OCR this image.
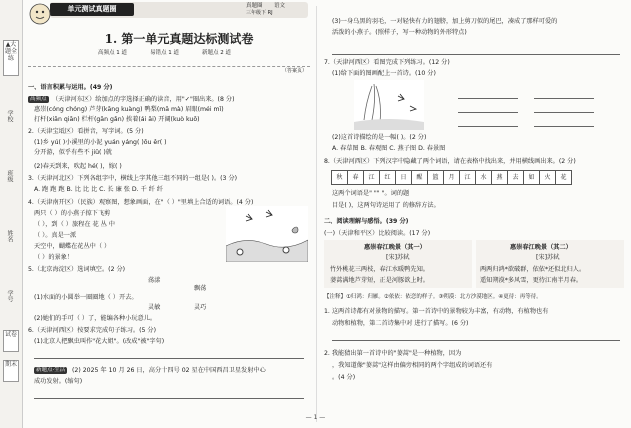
▲大题全练
学校
班级
姓名
学号
试卷
期末
单元测试真题圈	真题圈 语文
三年级下 RJ
1. 第一单元真题达标测试卷
高频点 1 道	易错点 1 道	新题点 2 道
（答案页）
一、语言积累与运用。(49 分)
高频点 （天津河东区）给加点的字选择正确的读音，用"✓"圈出来。(8 分)
惠崇(cóng chóng) 芦芽(kāng kuàng) 鸭梨(mā mà) 眉眼(méi mǐ)
打杆(xiān qiān) 栏杆(gān gǎn) 挨着(ái āi) 开阔(kuò kuō)
2.（天津宝坻区）看拼音，写字词。(5 分)
(1)乡 yú( )小溪里的小泥 yuán yáng( )ōu ěr( )
分开游，似乎有些不 jiǔ( )就
(2)春天到来，吹起 hé( )，嫁( )
3.（天津河北区）下列各组字中，横线上字其他三组不同的一组是( )。(3 分)
A. 跑 跑 跑 B. 比 比 比 C. 长 廉 张 D. 千 纤 纤
4.（天津南开区）（民族）观察图，想象画面，在"（ ）"里填上合适的词语。(4 分)
两只（ ）的小燕子掠下飞剪
（ ），到（ ）旅程在 花 丛 中
（ ）。真是一派
天空中，蝴蝶在花丛中（ ）
（ ）的景象！
5.（北京海淀区）选词填空。(2 分)
荡漾
飘荡
(1)水面的小圆举一圈圈地（ ）开去。
灵敏	灵巧
(2)她们的手可（ ）了，能编各种小玩意儿。
6.（天津河西区）按要求完成句子练习。(5 分)
(1)北京人把飘虫叫作"花大姐"。(改成"被"字句)
新题点·生活	(2) 2025 年 10 月 26 日，高分十四号 02 星在中国西昌卫星发射中心
成功发射。(缩句)
(3)一身乌黑的羽毛，一对轻快有力的翅膀，加上剪刀似的尾巴，凑成了那样可爱的
活泼的小燕子。(照样子，写一种动物的外形特点)
7.（天津河西区）看图完成下列练习。(12 分)
(1)给下面的图画配上一首诗。(10 分)
(2)这首诗描绘的是一幅( )。(2 分)
A. 春草图 B. 春观图 C. 燕子图 D. 春景图
8.（天津河西区）下列汉字中隐藏了两个词语，请在表格中找出来，并用横线画出来。(2 分)
秋	春	江	红	日	醒	篮	月	江	水	燕	去	如	火	花
这两个词语是" "" "。词的题
目是( )，这两句诗运用了 的修辞方法。
二、阅读理解与感悟。(39 分)
(一)（天津和平区）比较阅读。(17 分)
惠崇春江晚景（其一）
[宋]苏轼
竹外桃花三两枝，春江水暖鸭先知。
蒌蒿满地芦芽短，正是河豚欲上时。
惠崇春江晚景（其二）
[宋]苏轼
两两归鸿*欲破群，依依*还似北归人。
遥知朔漠*多风雪，更待江南半月春。
【注释】①归鸿：归雁。②依依：依恋的样子。③朔漠：北方沙漠地区。④更待：再等待。
1. 这两首诗都有对景物的描写。第一首诗中的景物较为丰富，有动物，有植物也有
动物和植物，第二首诗集中对 进行了描写。(6 分)
2. 我能猜出第一首诗中的"蒌蒿"是一种植物，因为
，我知道像"蒌蒿"这样由偏旁相同的两个字组成的词语还有
。(4 分)
— 1 —
